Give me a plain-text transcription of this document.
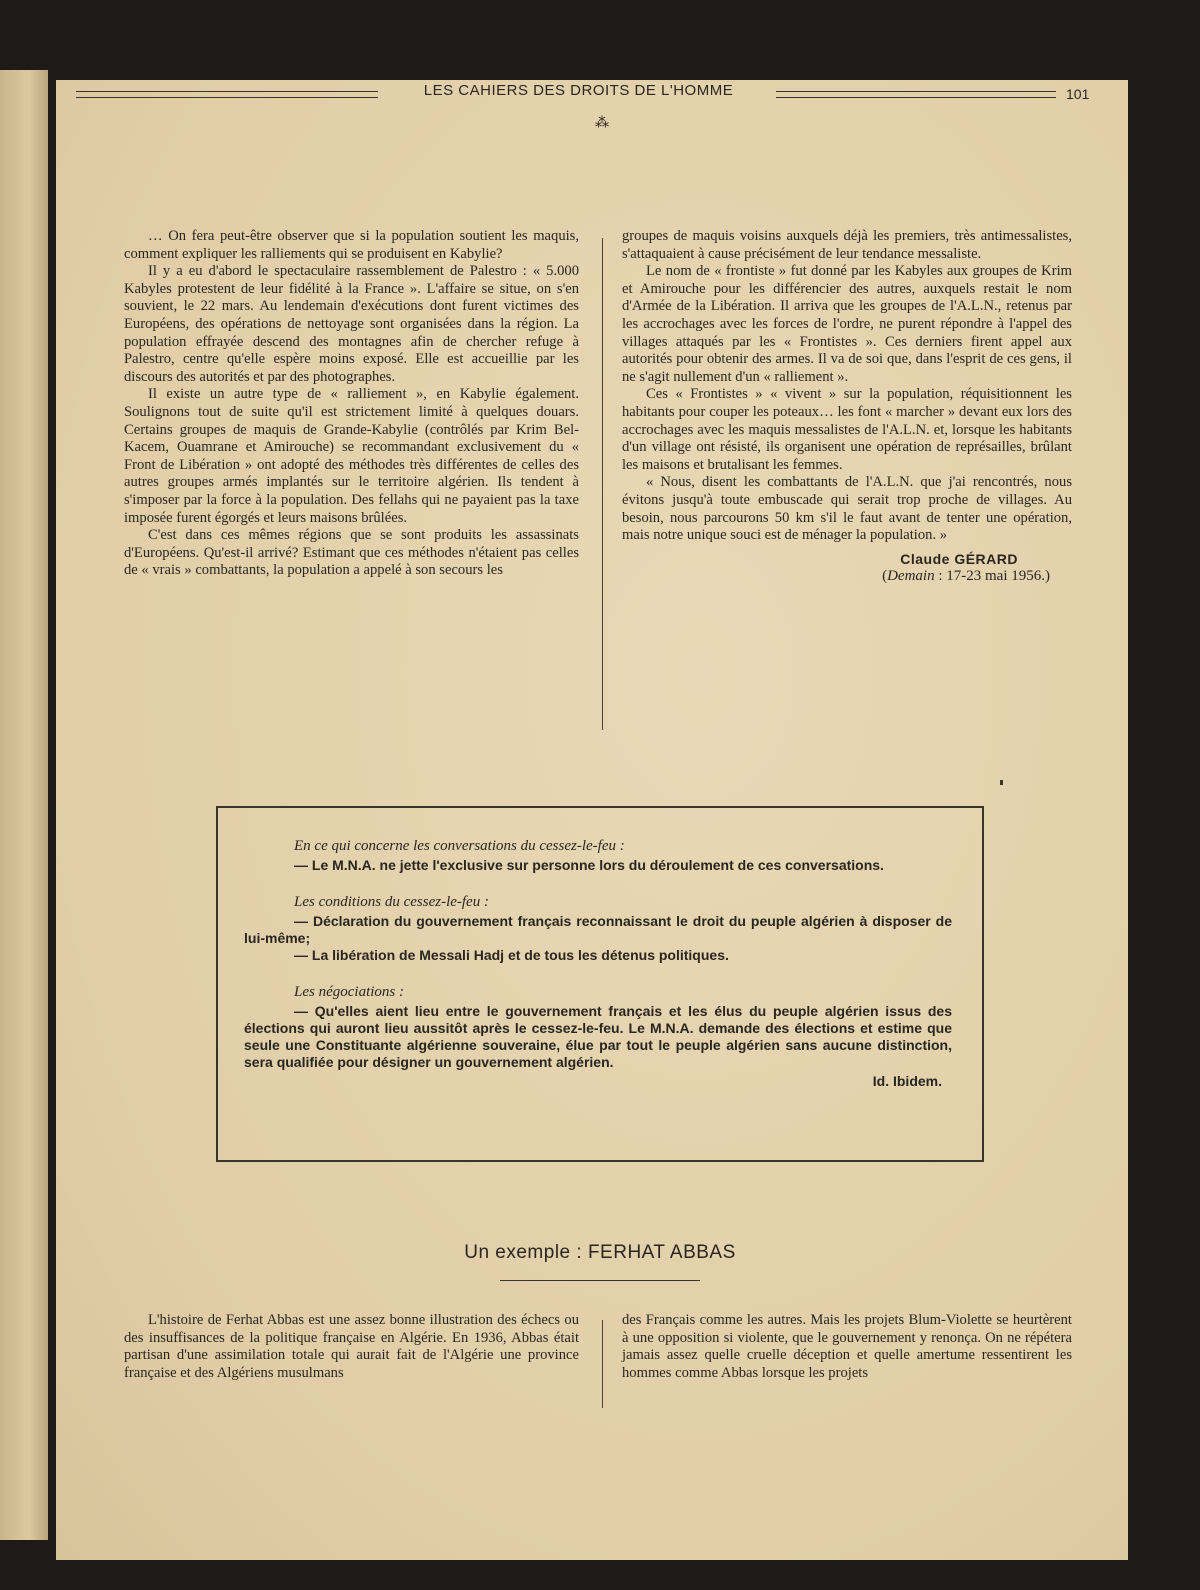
LES CAHIERS DES DROITS DE L'HOMME	101
⁂

… On fera peut-être observer que si la population soutient les maquis, comment expliquer les ralliements qui se produisent en Kabylie?

Il y a eu d'abord le spectaculaire rassemblement de Palestro : « 5.000 Kabyles protestent de leur fidélité à la France ». L'affaire se situe, on s'en souvient, le 22 mars. Au lendemain d'exécutions dont furent victimes des Européens, des opérations de nettoyage sont organisées dans la région. La population effrayée descend des montagnes afin de chercher refuge à Palestro, centre qu'elle espère moins exposé. Elle est accueillie par les discours des autorités et par des photographes.

Il existe un autre type de « ralliement », en Kabylie également. Soulignons tout de suite qu'il est strictement limité à quelques douars. Certains groupes de maquis de Grande-Kabylie (contrôlés par Krim Bel-Kacem, Ouamrane et Amirouche) se recommandant exclusivement du « Front de Libération » ont adopté des méthodes très différentes de celles des autres groupes armés implantés sur le territoire algérien. Ils tendent à s'imposer par la force à la population. Des fellahs qui ne payaient pas la taxe imposée furent égorgés et leurs maisons brûlées.

C'est dans ces mêmes régions que se sont produits les assassinats d'Européens. Qu'est-il arrivé? Estimant que ces méthodes n'étaient pas celles de « vrais » combattants, la population a appelé à son secours les

groupes de maquis voisins auxquels déjà les premiers, très antimessalistes, s'attaquaient à cause précisément de leur tendance messaliste.

Le nom de « frontiste » fut donné par les Kabyles aux groupes de Krim et Amirouche pour les différencier des autres, auxquels restait le nom d'Armée de la Libération. Il arriva que les groupes de l'A.L.N., retenus par les accrochages avec les forces de l'ordre, ne purent répondre à l'appel des villages attaqués par les « Frontistes ». Ces derniers firent appel aux autorités pour obtenir des armes. Il va de soi que, dans l'esprit de ces gens, il ne s'agit nullement d'un « ralliement ».

Ces « Frontistes » « vivent » sur la population, réquisitionnent les habitants pour couper les poteaux… les font « marcher » devant eux lors des accrochages avec les maquis messalistes de l'A.L.N. et, lorsque les habitants d'un village ont résisté, ils organisent une opération de représailles, brûlant les maisons et brutalisant les femmes.

« Nous, disent les combattants de l'A.L.N. que j'ai rencontrés, nous évitons jusqu'à toute embuscade qui serait trop proche de villages. Au besoin, nous parcourons 50 km s'il le faut avant de tenter une opération, mais notre unique souci est de ménager la population. »

Claude GÉRARD
(Demain : 17-23 mai 1956.)
En ce qui concerne les conversations du cessez-le-feu :

— Le M.N.A. ne jette l'exclusive sur personne lors du déroulement de ces conversations.

Les conditions du cessez-le-feu :

— Déclaration du gouvernement français reconnaissant le droit du peuple algérien à disposer de lui-même;

— La libération de Messali Hadj et de tous les détenus politiques.

Les négociations :

— Qu'elles aient lieu entre le gouvernement français et les élus du peuple algérien issus des élections qui auront lieu aussitôt après le cessez-le-feu. Le M.N.A. demande des élections et estime que seule une Constituante algérienne souveraine, élue par tout le peuple algérien sans aucune distinction, sera qualifiée pour désigner un gouvernement algérien.

Id. Ibidem.
Un exemple : FERHAT ABBAS

L'histoire de Ferhat Abbas est une assez bonne illustration des échecs ou des insuffisances de la politique française en Algérie. En 1936, Abbas était partisan d'une assimilation totale qui aurait fait de l'Algérie une province française et des Algériens musulmans

des Français comme les autres. Mais les projets Blum-Violette se heurtèrent à une opposition si violente, que le gouvernement y renonça. On ne répétera jamais assez quelle cruelle déception et quelle amertume ressentirent les hommes comme Abbas lorsque les projets
